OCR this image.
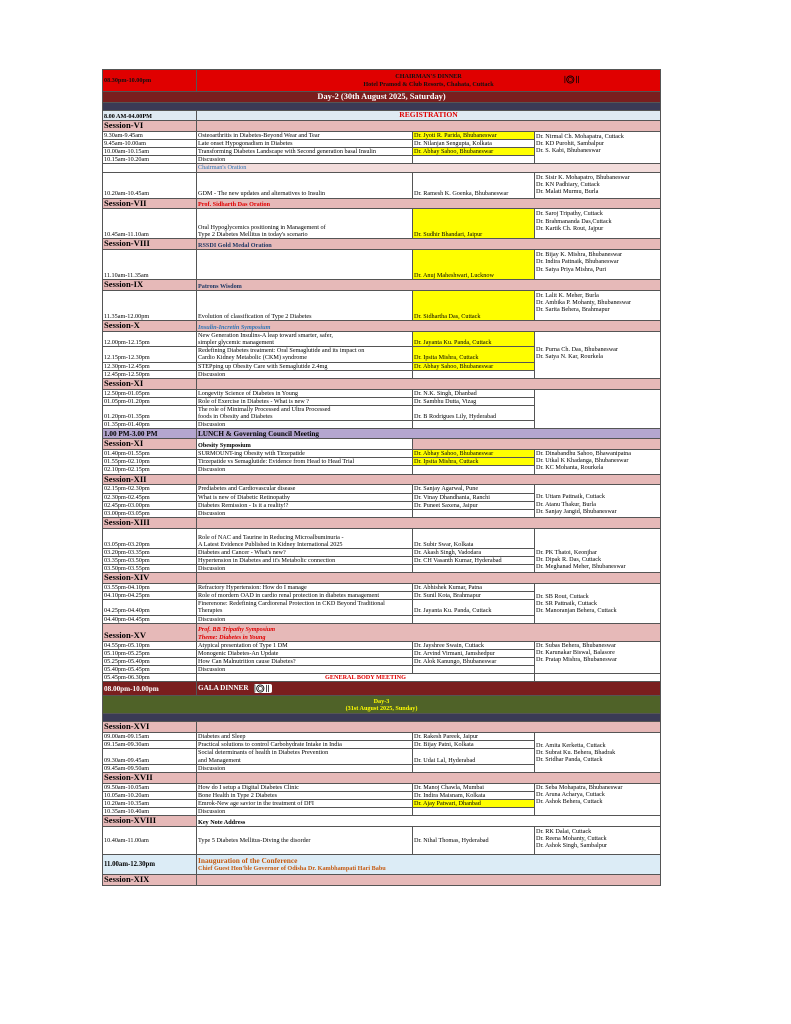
08.30pm-10.00pm	CHAIRMAN'S DINNER
Hotel Pramod & Club Resorts, Chahata, Cuttack		

Day-2 (30th August 2025, Saturday)			

8.00 AM-04.00PM	REGISTRATION		
Session-VI			
9.30am-9.45am	Osteoarthritis in Diabetes-Beyond Wear and Tear	Dr. Jyoti R. Parida, Bhubaneswar	Dr. Nirmal Ch. Mohapatra, Cuttack
Dr. KD Purohit, Sambalpur
Dr. S. Kabi, Bhubaneswar
9.45am-10.00am	Late onset Hypogonadism in Diabetes	Dr. Nilanjan Sengupta, Kolkata	
10.00am-10.15am	Transforming Diabetes Landscape with Second generation basal Insulin	Dr. Abhay Sahoo, Bhubaneswar	
10.15am-10.20am	Discussion		
	Chairman's Oration		
10.20am-10.45am	GDM - The new updates and alternatives to Insulin	Dr. Ramesh K. Goenka, Bhubaneswar	Dr. Sisir K. Mohapatro, Bhubaneswar
Dr. KN Padhiary, Cuttack
Dr. Malati Murmu, Burla
Session-VII	Prof. Sidharth Das Oration		
10.45am-11.10am	Oral Hypoglycemics positioning in Management of
Type 2 Diabetes Mellitus in today's scenario	Dr. Sudhir Bhandari, Jaipur	Dr. Saroj Tripathy, Cuttack
Dr. Brahmananda Das,Cuttack
Dr. Kartik Ch. Rout, Jajpur
Session-VIII	RSSDI Gold Medal Oration		
11.10am-11.35am		Dr. Anuj Maheshwari, Lucknow	Dr. Bijay K. Mishra, Bhubaneswar
Dr. Indira Pattnaik, Bhubaneswar
Dr. Satya Priya Mishra, Puri
Session-IX	Patrons Wisdom		
11.35am-12.00pm	Evolution of classification of Type 2 Diabetes	Dr. Sidhartha Das, Cuttack	Dr. Lalit K. Meher, Burla
Dr. Ambika P. Mohanty, Bhubaneswar
Dr. Sarita Behera, Brahmapur
Session-X	Insulin-Incretin Symposium		
12.00pm-12.15pm	New Generation Insulins-A leap toward smarter, safer,
simpler glycemic management	Dr. Jayanta Ku. Panda, Cuttack	Dr. Purna Ch. Das, Bhubaneswar
Dr. Satya N. Kar, Rourkela
12.15pm-12.30pm	Redefining Diabetes treatment: Oral Semaglutide and its impact on
Cardio Kidney Metabolic (CKM) syndrome	Dr. Ipsita Mishra, Cuttack	
12.30pm-12.45pm	STEPping up Obesity Care with Semaglutide 2.4mg	Dr. Abhay Sahoo, Bhubaneswar	
12.45pm-12.50pm	Discussion		
Session-XI			
12.50pm-01.05pm	Longevity Science of Diabetes in Young	Dr. N.K. Singh, Dhanbad	
01.05pm-01.20pm	Role of Exercise in Diabetes - What is new ?	Dr. Sambhu Dutta, Vizag	
01.20pm-01.35pm	The role of Minimally Processed and Ultra Processed
foods in Obesity and Diabetes	Dr. B Rodrigues Lily, Hyderabad	
01.35pm-01.40pm	Discussion		
1.00 PM-3.00 PM	LUNCH & Governing Council Meeting		
Session-XI	Obesity Symposium		
01.40pm-01.55pm	SURMOUNT-ing Obesity with Tirzepatide	Dr. Abhay Sahoo, Bhubaneswar	Dr. Dinabandhu Sahoo, Bhawanipatna
Dr. Utkal K Khadanga, Bhubaneswar
Dr. KC Mohanta, Rourkela
01.55pm-02.10pm	Tirzepatide vs Semaglutide: Evidence from Head to Head Trial	Dr. Ipsita Mishra, Cuttack	
02.10pm-02.15pm	Discussion		
Session-XII			
02.15pm-02.30pm	Prediabetes and Cardiovascular disease	Dr. Sanjay Agarwal, Pune	Dr. Uttam Pattnaik, Cuttack
Dr. Atanu Thakur, Burla
Dr. Sanjay Jangid, Bhubaneswar
02.30pm-02.45pm	What is new of Diabetic Retinopathy	Dr. Vinay Dhandhania, Ranchi	
02.45pm-03.00pm	Diabetes Remission - Is it a reality!?	Dr. Puneet Saxena, Jaipur	
03.00pm-03.05pm	Discussion		
Session-XIII			
03.05pm-03.20pm	Role of NAC and Taurine in Reducing Microalbuminuria -
A Latest Evidence Published in Kidney International 2025	Dr. Subir Swar, Kolkata	Dr. PK Thatoi, Keonjhar
Dr. Dipak R. Das, Cuttack
Dr. Meghanad Meher, Bhubaneswar
03.20pm-03.35pm	Diabetes and Cancer - What's new?	Dr. Akash Singh, Vadodara	
03.35pm-03.50pm	Hypertension in Diabetes and it's Metabolic connection	Dr. CH Vasanth Kumar, Hyderabad	
03.50pm-03.55pm	Discussion		
Session-XIV			
03.55pm-04.10pm	Refractory Hypertension: How do I manage	Dr. Abhishek Kumar, Patna	Dr. SB Rout, Cuttack
Dr. SR Pattnaik, Cuttack
Dr. Manoranjan Behera, Cuttack
04.10pm-04.25pm	Role of mordern OAD in cardio renal protection in diabetes management	Dr. Sunil Kota, Brahmapur	
04.25pm-04.40pm	Finerenone: Redefining Cardiorenal Protection in CKD Beyond Traditional
Therapies	Dr. Jayanta Ku. Panda, Cuttack	
04.40pm-04.45pm	Discussion		
Session-XV	Prof. BB Tripathy Symposium
Theme: Diabetes in Young		
04.55pm-05.10pm	Atypical presentation of Type 1 DM	Dr. Jayshree Swain, Cuttack	Dr. Subas Behera, Bhubaneswar
Dr. Karunakar Biswal, Balasore
Dr. Pratap Mishra, Bhubaneswar
05.10pm-05.25pm	Monogenic Diabetes-An Update	Dr. Arvind Virmani, Jamshedpur	
05.25pm-05.40pm	How Can Malnutrition cause Diabetes?	Dr. Alok Kanungo, Bhubaneswar	
05.40pm-05.45pm	Discussion		
05.45pm-06.30pm	GENERAL BODY MEETING		
08.00pm-10.00pm	GALA DINNER		
Day-3
(31st August 2025, Sunday)			

Session-XVI			
09.00am-09.15am	Diabetes and Sleep	Dr. Rakesh Pareek, Jaipur	Dr. Amita Kerketta, Cuttack
Dr. Subrat Ku. Behera, Bhadrak
Dr. Sridhar Panda, Cuttack
09.15am-09.30am	Practical solutions to control Carbohydrate Intake in India	Dr. Bijay Patni, Kolkata	
09.30am-09.45am	Social determinants of health in Diabetes Prevention
and Management	Dr. Udai Lal, Hyderabad	
09.45am-09.50am	Discussion		
Session-XVII			
09.50am-10.05am	How do I setup a Digital Diabetes Clinic	Dr. Manoj Chawla, Mumbai	Dr. Seba Mohapatra, Bhubaneswar
Dr. Aruna Acharya, Cuttack
Dr. Ashok Behera, Cuttack
10.05am-10.20am	Bone Health in Type 2 Diabetes	Dr. Indira Maisnam, Kolkata	
10.20am-10.35am	Emrok-New age savior in the treatment of DFI	Dr. Ajay Patwari, Dhanbad	
10.35am-10.40am	Discussion		
Session-XVIII	Key Note Address		
10.40am-11.00am	Type 5 Diabetes Mellitus-Diving the disorder	Dr. Nihal Thomas, Hyderabad	Dr. RK Dalai, Cuttack
Dr. Reena Mohanty, Cuttack
Dr. Ashok Singh, Sambalpur
11.00am-12.30pm	Inauguration of the Conference
Chief Guest Hon'ble Governor of Odisha Dr. Kambhampati Hari Babu		
Session-XIX			
